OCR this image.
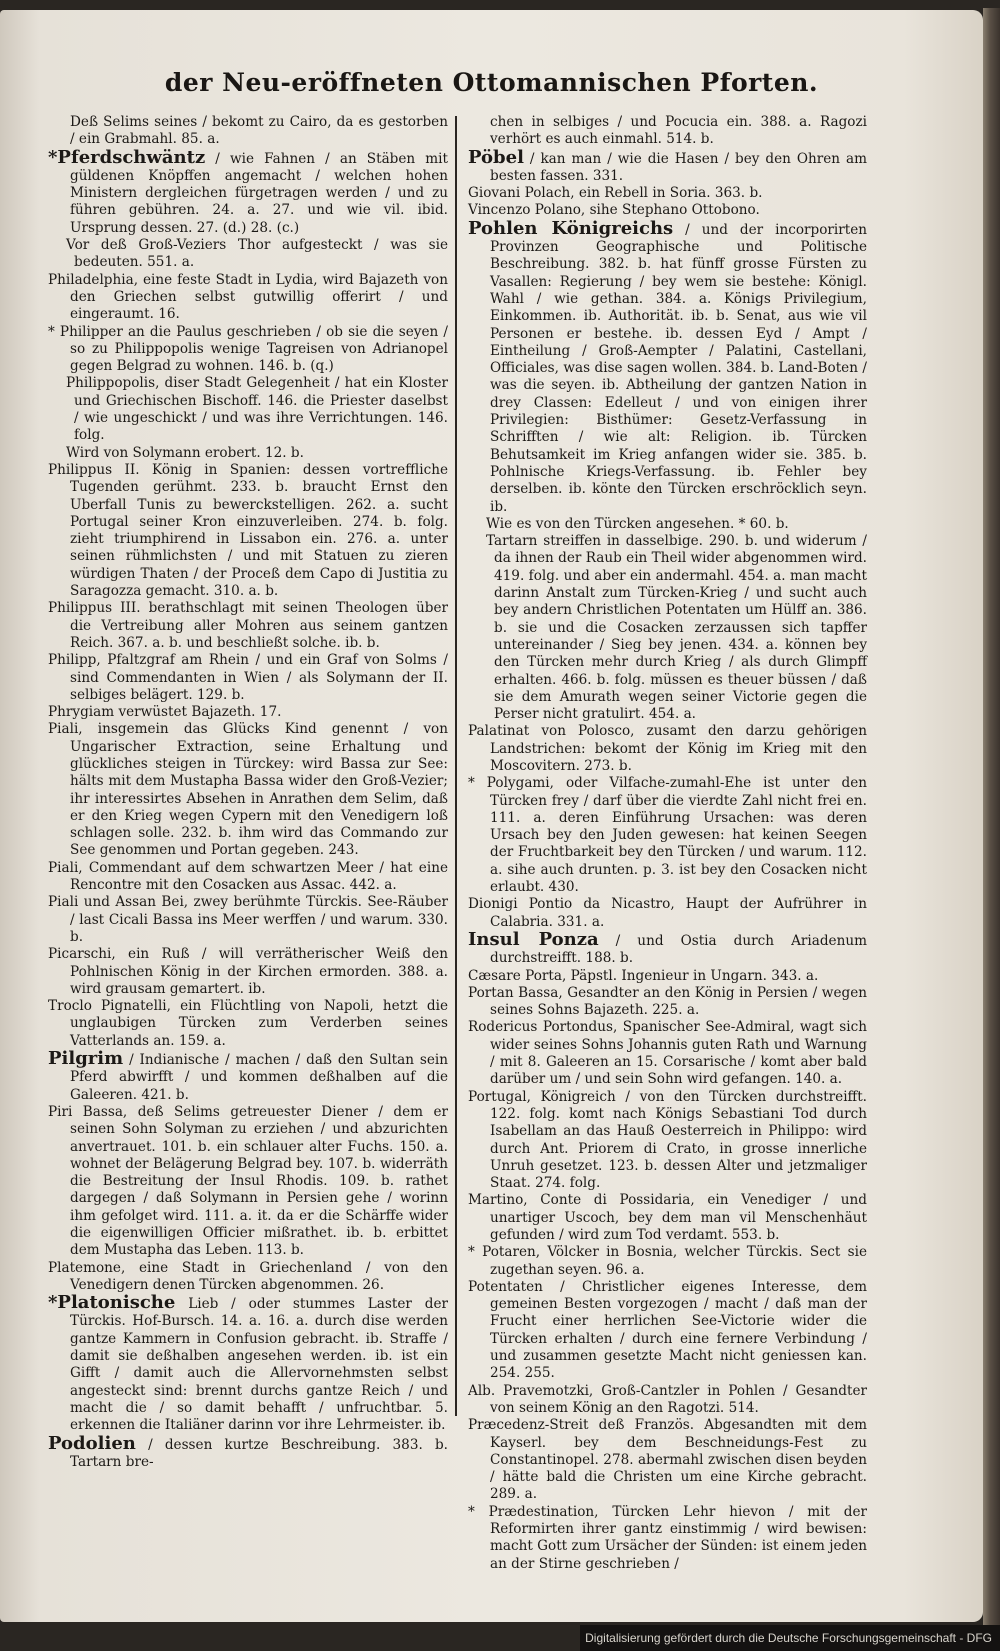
der Neu-eröffneten Ottomannischen Pforten.

Deß Selims seines / bekomt zu Cairo, da es gestorben / ein Grabmahl. 85. a.

*Pferdschwäntz / wie Fahnen / an Stäben mit güldenen Knöpffen angemacht / welchen hohen Ministern dergleichen fürgetragen werden / und zu führen gebühren. 24. a. 27. und wie vil. ibid. Ursprung dessen. 27. (d.) 28. (c.)

Vor deß Groß-Veziers Thor aufgesteckt / was sie bedeuten. 551. a.

Philadelphia, eine feste Stadt in Lydia, wird Bajazeth von den Griechen selbst gutwillig offerirt / und eingeraumt. 16.

* Philipper an die Paulus geschrieben / ob sie die seyen / so zu Philippopolis wenige Tagreisen von Adrianopel gegen Belgrad zu wohnen. 146. b. (q.)

Philippopolis, diser Stadt Gelegenheit / hat ein Kloster und Griechischen Bischoff. 146. die Priester daselbst / wie ungeschickt / und was ihre Verrichtungen. 146. folg.

Wird von Solymann erobert. 12. b.

Philippus II. König in Spanien: dessen vortreffliche Tugenden gerühmt. 233. b. braucht Ernst den Uberfall Tunis zu bewerckstelligen. 262. a. sucht Portugal seiner Kron einzuverleiben. 274. b. folg. zieht triumphirend in Lissabon ein. 276. a. unter seinen rühmlichsten / und mit Statuen zu zieren würdigen Thaten / der Proceß dem Capo di Justitia zu Saragozza gemacht. 310. a. b.

Philippus III. berathschlagt mit seinen Theologen über die Vertreibung aller Mohren aus seinem gantzen Reich. 367. a. b. und beschließt solche. ib. b.

Philipp, Pfaltzgraf am Rhein / und ein Graf von Solms / sind Commendanten in Wien / als Solymann der II. selbiges belägert. 129. b.

Phrygiam verwüstet Bajazeth. 17.

Piali, insgemein das Glücks Kind genennt / von Ungarischer Extraction, seine Erhaltung und glückliches steigen in Türckey: wird Bassa zur See: hälts mit dem Mustapha Bassa wider den Groß-Vezier; ihr interessirtes Absehen in Anrathen dem Selim, daß er den Krieg wegen Cypern mit den Venedigern loß schlagen solle. 232. b. ihm wird das Commando zur See genommen und Portan gegeben. 243.

Piali, Commendant auf dem schwartzen Meer / hat eine Rencontre mit den Cosacken aus Assac. 442. a.

Piali und Assan Bei, zwey berühmte Türckis. See-Räuber / last Cicali Bassa ins Meer werffen / und warum. 330. b.

Picarschi, ein Ruß / will verrätherischer Weiß den Pohlnischen König in der Kirchen ermorden. 388. a. wird grausam gemartert. ib.

Troclo Pignatelli, ein Flüchtling von Napoli, hetzt die unglaubigen Türcken zum Verderben seines Vatterlands an. 159. a.

Pilgrim / Indianische / machen / daß den Sultan sein Pferd abwirfft / und kommen deßhalben auf die Galeeren. 421. b.

Piri Bassa, deß Selims getreuester Diener / dem er seinen Sohn Solyman zu erziehen / und abzurichten anvertrauet. 101. b. ein schlauer alter Fuchs. 150. a. wohnet der Belägerung Belgrad bey. 107. b. widerräth die Bestreitung der Insul Rhodis. 109. b. rathet dargegen / daß Solymann in Persien gehe / worinn ihm gefolget wird. 111. a. it. da er die Schärffe wider die eigenwilligen Officier mißrathet. ib. b. erbittet dem Mustapha das Leben. 113. b.

Platemone, eine Stadt in Griechenland / von den Venedigern denen Türcken abgenommen. 26.

*Platonische Lieb / oder stummes Laster der Türckis. Hof-Bursch. 14. a. 16. a. durch dise werden gantze Kammern in Confusion gebracht. ib. Straffe / damit sie deßhalben angesehen werden. ib. ist ein Gifft / damit auch die Allervornehmsten selbst angesteckt sind: brennt durchs gantze Reich / und macht die / so damit behafft / unfruchtbar. 5. erkennen die Italiäner darinn vor ihre Lehrmeister. ib.

Podolien / dessen kurtze Beschreibung. 383. b. Tartarn bre-

chen in selbiges / und Pocucia ein. 388. a. Ragozi verhört es auch einmahl. 514. b.

Pöbel / kan man / wie die Hasen / bey den Ohren am besten fassen. 331.

Giovani Polach, ein Rebell in Soria. 363. b.

Vincenzo Polano, sihe Stephano Ottobono.

Pohlen Königreichs / und der incorporirten Provinzen Geographische und Politische Beschreibung. 382. b. hat fünff grosse Fürsten zu Vasallen: Regierung / bey wem sie bestehe: Königl. Wahl / wie gethan. 384. a. Königs Privilegium, Einkommen. ib. Authorität. ib. b. Senat, aus wie vil Personen er bestehe. ib. dessen Eyd / Ampt / Eintheilung / Groß-Aempter / Palatini, Castellani, Officiales, was dise sagen wollen. 384. b. Land-Boten / was die seyen. ib. Abtheilung der gantzen Nation in drey Classen: Edelleut / und von einigen ihrer Privilegien: Bisthümer: Gesetz-Verfassung in Schrifften / wie alt: Religion. ib. Türcken Behutsamkeit im Krieg anfangen wider sie. 385. b. Pohlnische Kriegs-Verfassung. ib. Fehler bey derselben. ib. könte den Türcken erschröcklich seyn. ib.

Wie es von den Türcken angesehen. * 60. b.

Tartarn streiffen in dasselbige. 290. b. und widerum / da ihnen der Raub ein Theil wider abgenommen wird. 419. folg. und aber ein andermahl. 454. a. man macht darinn Anstalt zum Türcken-Krieg / und sucht auch bey andern Christlichen Potentaten um Hülff an. 386. b. sie und die Cosacken zerzaussen sich tapffer untereinander / Sieg bey jenen. 434. a. können bey den Türcken mehr durch Krieg / als durch Glimpff erhalten. 466. b. folg. müssen es theuer büssen / daß sie dem Amurath wegen seiner Victorie gegen die Perser nicht gratulirt. 454. a.

Palatinat von Polosco, zusamt den darzu gehörigen Landstrichen: bekomt der König im Krieg mit den Moscovitern. 273. b.

* Polygami, oder Vilfache-zumahl-Ehe ist unter den Türcken frey / darf über die vierdte Zahl nicht frei en. 111. a. deren Einführung Ursachen: was deren Ursach bey den Juden gewesen: hat keinen Seegen der Fruchtbarkeit bey den Türcken / und warum. 112. a. sihe auch drunten. p. 3. ist bey den Cosacken nicht erlaubt. 430.

Dionigi Pontio da Nicastro, Haupt der Aufrührer in Calabria. 331. a.

Insul Ponza / und Ostia durch Ariadenum durchstreifft. 188. b.

Cæsare Porta, Päpstl. Ingenieur in Ungarn. 343. a.

Portan Bassa, Gesandter an den König in Persien / wegen seines Sohns Bajazeth. 225. a.

Rodericus Portondus, Spanischer See-Admiral, wagt sich wider seines Sohns Johannis guten Rath und Warnung / mit 8. Galeeren an 15. Corsarische / komt aber bald darüber um / und sein Sohn wird gefangen. 140. a.

Portugal, Königreich / von den Türcken durchstreifft. 122. folg. komt nach Königs Sebastiani Tod durch Isabellam an das Hauß Oesterreich in Philippo: wird durch Ant. Priorem di Crato, in grosse innerliche Unruh gesetzet. 123. b. dessen Alter und jetzmaliger Staat. 274. folg.

Martino, Conte di Possidaria, ein Venediger / und unartiger Uscoch, bey dem man vil Menschenhäut gefunden / wird zum Tod verdamt. 553. b.

* Potaren, Völcker in Bosnia, welcher Türckis. Sect sie zugethan seyen. 96. a.

Potentaten / Christlicher eigenes Interesse, dem gemeinen Besten vorgezogen / macht / daß man der Frucht einer herrlichen See-Victorie wider die Türcken erhalten / durch eine fernere Verbindung / und zusammen gesetzte Macht nicht geniessen kan. 254. 255.

Alb. Pravemotzki, Groß-Cantzler in Pohlen / Gesandter von seinem König an den Ragotzi. 514.

Præcedenz-Streit deß Französ. Abgesandten mit dem Kayserl. bey dem Beschneidungs-Fest zu Constantinopel. 278. abermahl zwischen disen beyden / hätte bald die Christen um eine Kirche gebracht. 289. a.

* Prædestination, Türcken Lehr hievon / mit der Reformirten ihrer gantz einstimmig / wird bewisen: macht Gott zum Ursächer der Sünden: ist einem jeden an der Stirne geschrieben /

Digitalisierung gefördert durch die Deutsche Forschungsgemeinschaft - DFG
